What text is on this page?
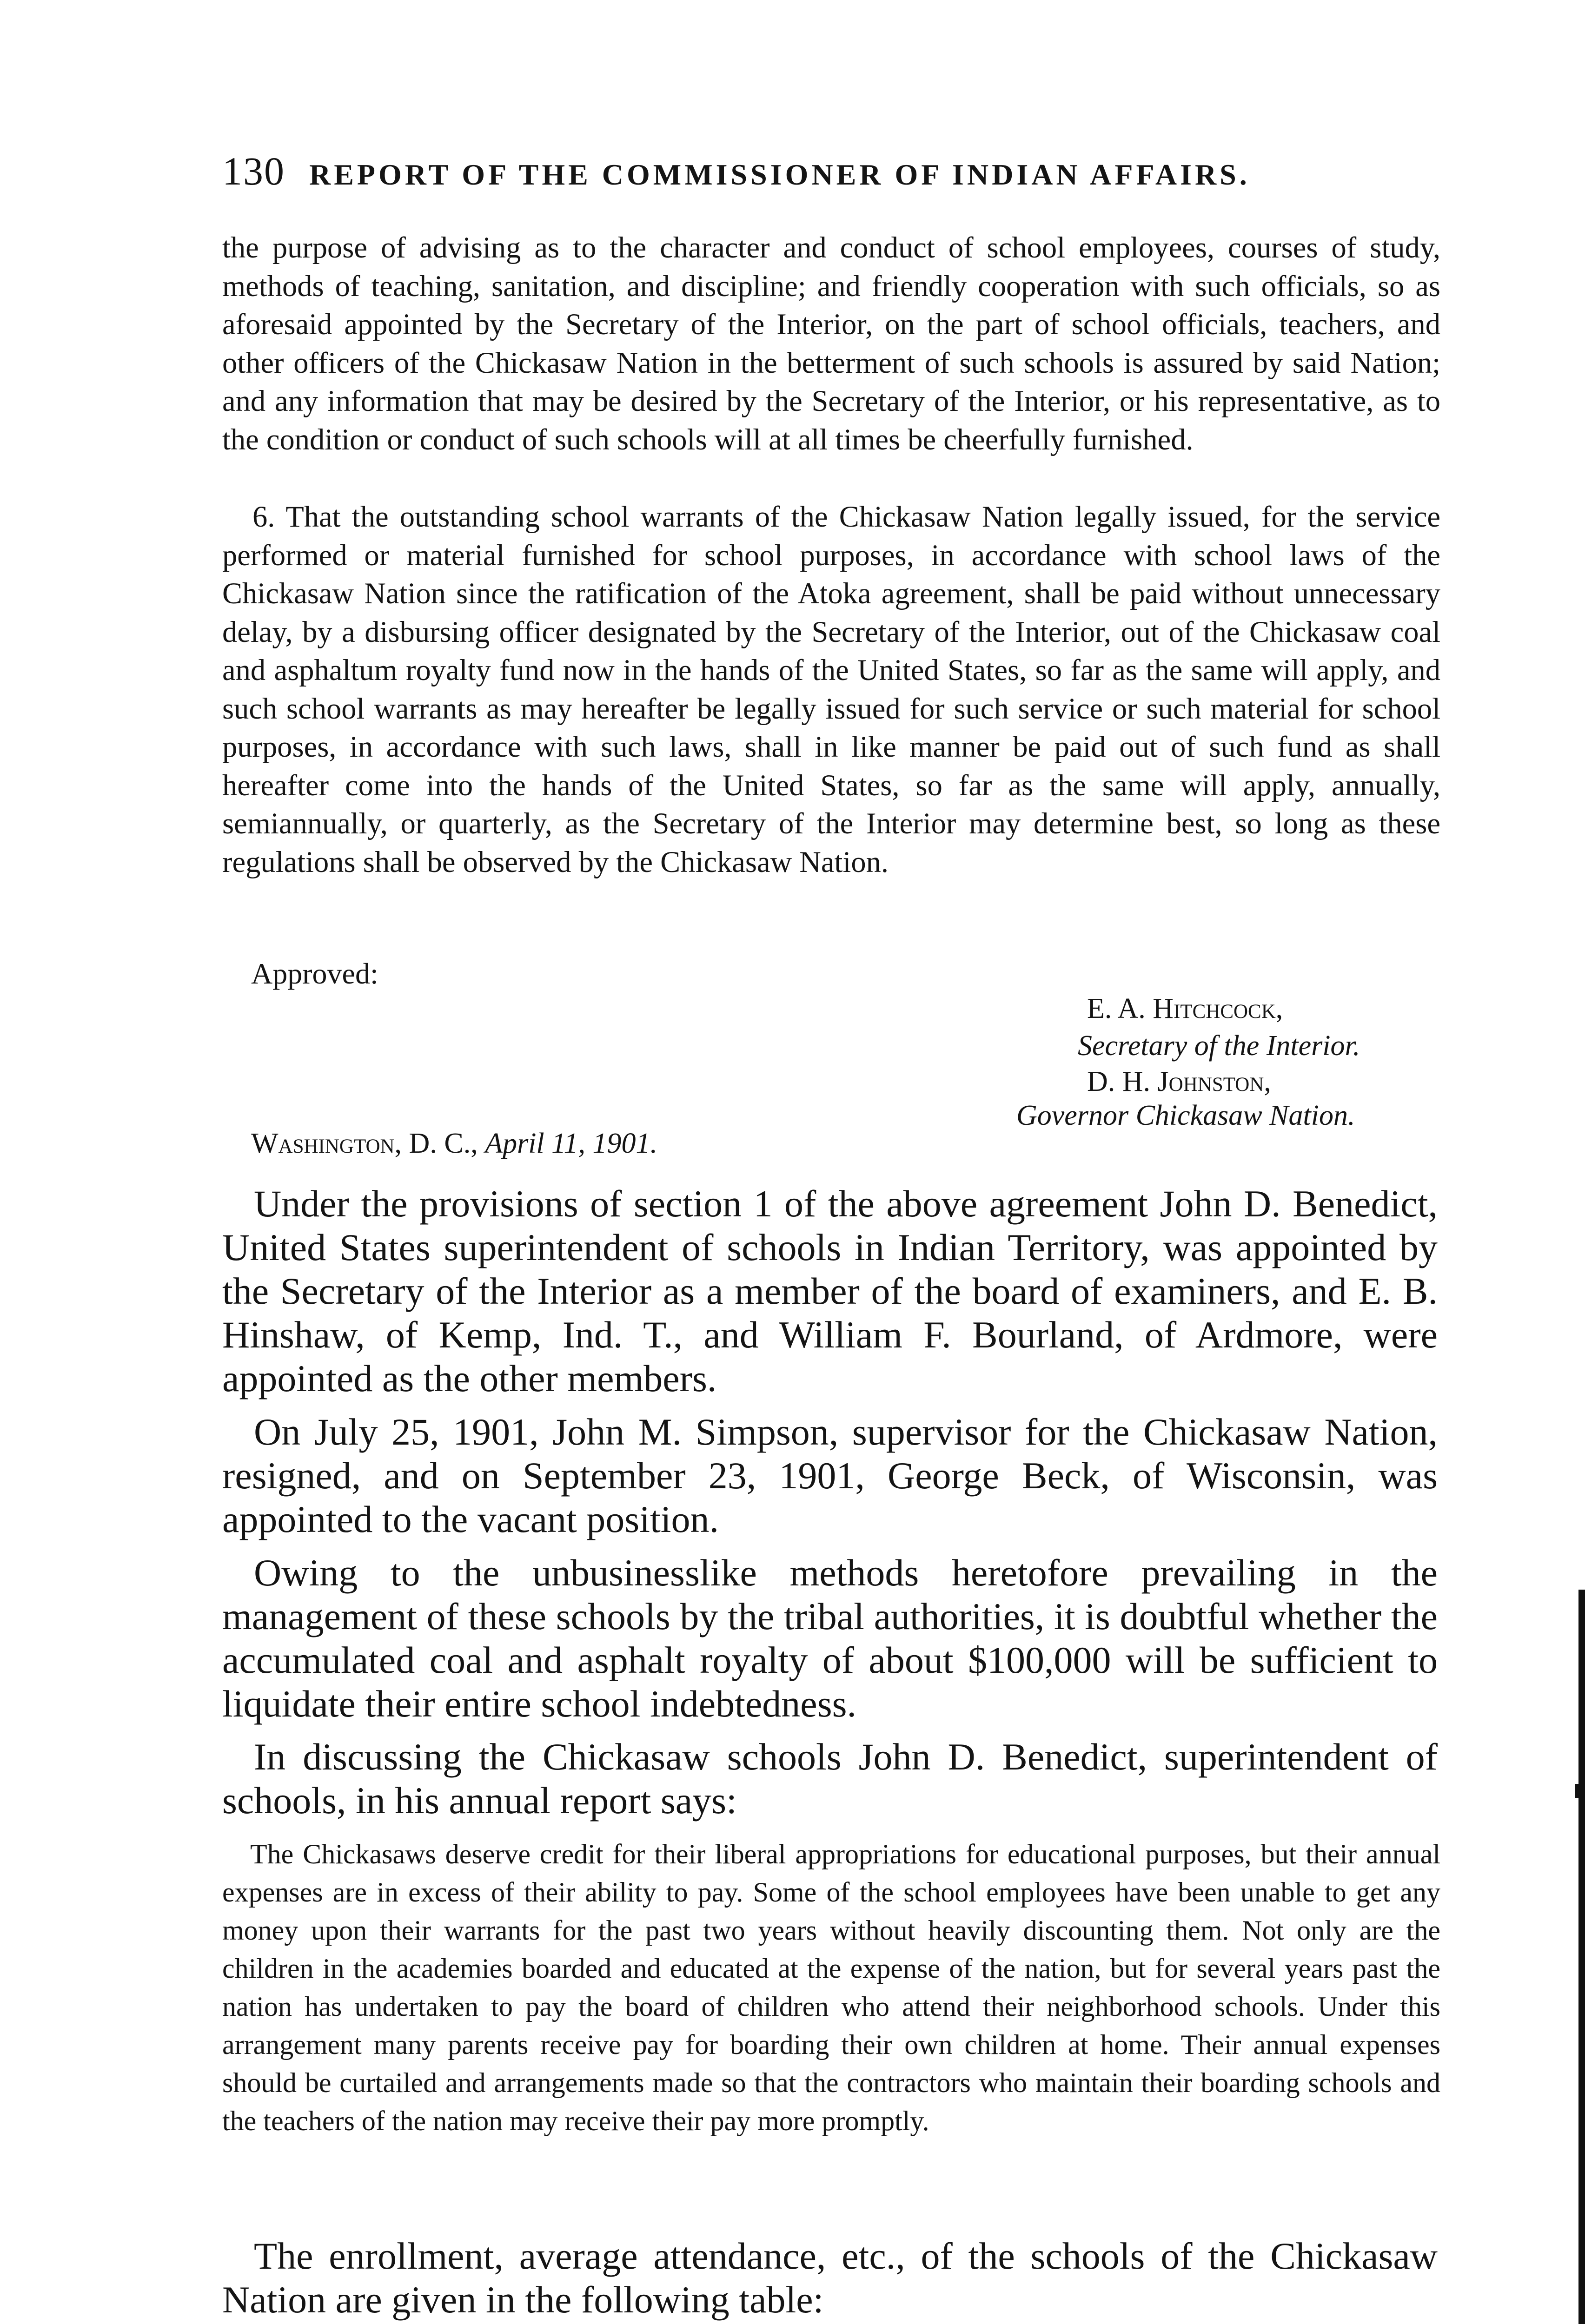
130 REPORT OF THE COMMISSIONER OF INDIAN AFFAIRS.

the purpose of advising as to the character and conduct of school employees, courses of study, methods of teaching, sanitation, and discipline; and friendly cooperation with such officials, so as aforesaid appointed by the Secretary of the Interior, on the part of school officials, teachers, and other officers of the Chickasaw Nation in the betterment of such schools is assured by said Nation; and any information that may be desired by the Secretary of the Interior, or his representative, as to the condition or conduct of such schools will at all times be cheerfully furnished.

6. That the outstanding school warrants of the Chickasaw Nation legally issued, for the service performed or material furnished for school purposes, in accordance with school laws of the Chickasaw Nation since the ratification of the Atoka agreement, shall be paid without unnecessary delay, by a disbursing officer designated by the Secretary of the Interior, out of the Chickasaw coal and asphaltum royalty fund now in the hands of the United States, so far as the same will apply, and such school warrants as may hereafter be legally issued for such service or such material for school purposes, in accordance with such laws, shall in like manner be paid out of such fund as shall hereafter come into the hands of the United States, so far as the same will apply, annually, semiannually, or quarterly, as the Secretary of the Interior may determine best, so long as these regulations shall be observed by the Chickasaw Nation.

Approved:
E. A. Hitchcock,
Secretary of the Interior.
D. H. Johnston,
Governor Chickasaw Nation.
Washington, D. C., April 11, 1901.

Under the provisions of section 1 of the above agreement John D. Benedict, United States superintendent of schools in Indian Territory, was appointed by the Secretary of the Interior as a member of the board of examiners, and E. B. Hinshaw, of Kemp, Ind. T., and William F. Bourland, of Ardmore, were appointed as the other members.

On July 25, 1901, John M. Simpson, supervisor for the Chickasaw Nation, resigned, and on September 23, 1901, George Beck, of Wisconsin, was appointed to the vacant position.

Owing to the unbusinesslike methods heretofore prevailing in the management of these schools by the tribal authorities, it is doubtful whether the accumulated coal and asphalt royalty of about $100,000 will be sufficient to liquidate their entire school indebtedness.

In discussing the Chickasaw schools John D. Benedict, superintendent of schools, in his annual report says:

The Chickasaws deserve credit for their liberal appropriations for educational purposes, but their annual expenses are in excess of their ability to pay. Some of the school employees have been unable to get any money upon their warrants for the past two years without heavily discounting them. Not only are the children in the academies boarded and educated at the expense of the nation, but for several years past the nation has undertaken to pay the board of children who attend their neighborhood schools. Under this arrangement many parents receive pay for boarding their own children at home. Their annual expenses should be curtailed and arrangements made so that the contractors who maintain their boarding schools and the teachers of the nation may receive their pay more promptly.

The enrollment, average attendance, etc., of the schools of the Chickasaw Nation are given in the following table:
